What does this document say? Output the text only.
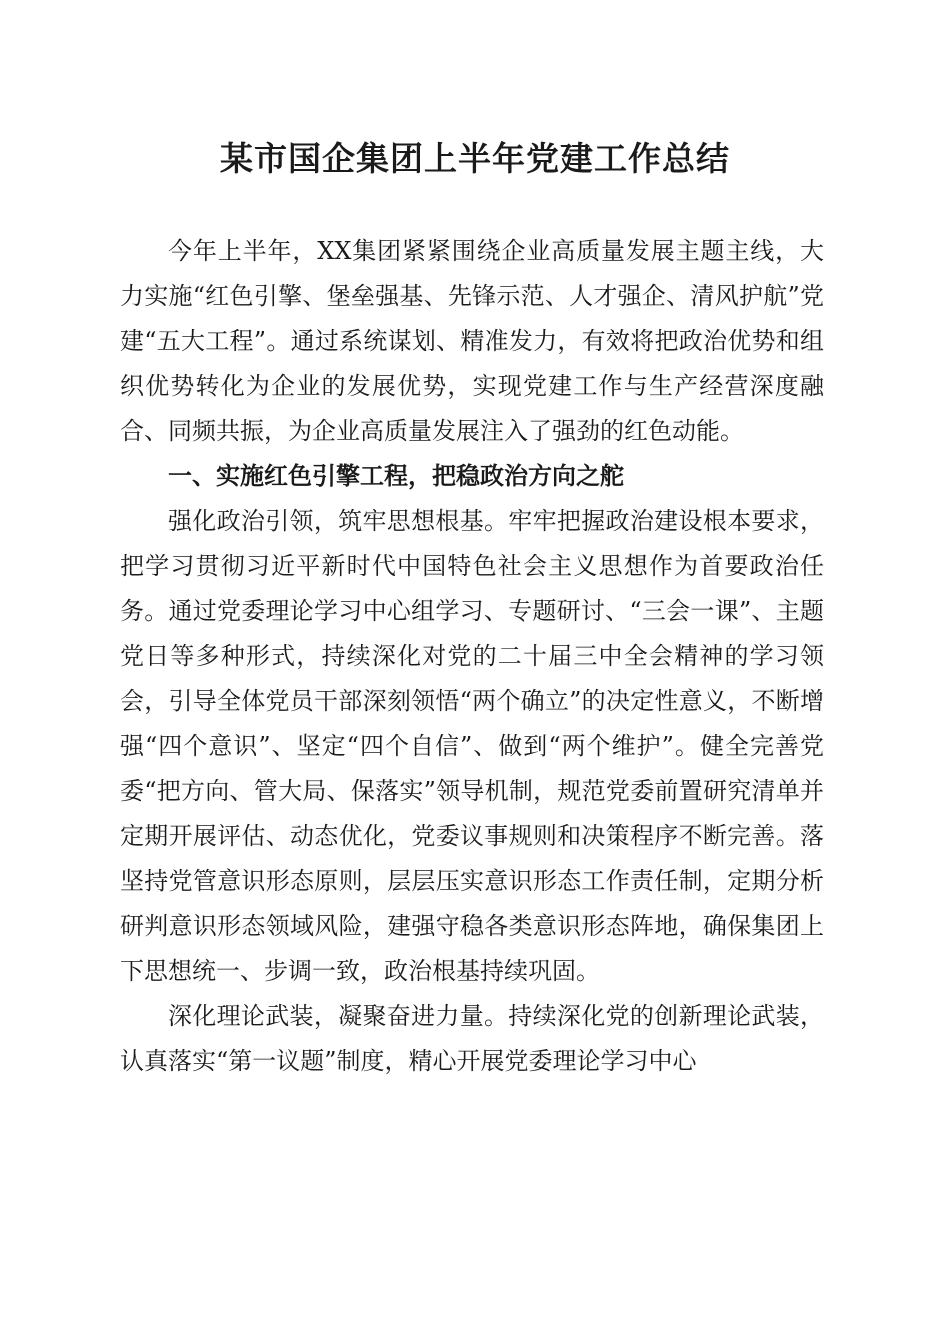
某市国企集团上半年党建工作总结

今年上半年，XX集团紧紧围绕企业高质量发展主题主线，大力实施“红色引擎、堡垒强基、先锋示范、人才强企、清风护航”党建“五大工程”。通过系统谋划、精准发力，有效将把政治优势和组织优势转化为企业的发展优势，实现党建工作与生产经营深度融合、同频共振，为企业高质量发展注入了强劲的红色动能。

一、实施红色引擎工程，把稳政治方向之舵

强化政治引领，筑牢思想根基。牢牢把握政治建设根本要求，把学习贯彻习近平新时代中国特色社会主义思想作为首要政治任务。通过党委理论学习中心组学习、专题研讨、“三会一课”、主题党日等多种形式，持续深化对党的二十届三中全会精神的学习领会，引导全体党员干部深刻领悟“两个确立”的决定性意义，不断增强“四个意识”、坚定“四个自信”、做到“两个维护”。健全完善党委“把方向、管大局、保落实”领导机制，规范党委前置研究清单并定期开展评估、动态优化，党委议事规则和决策程序不断完善。落坚持党管意识形态原则，层层压实意识形态工作责任制，定期分析研判意识形态领域风险，建强守稳各类意识形态阵地，确保集团上下思想统一、步调一致，政治根基持续巩固。

深化理论武装，凝聚奋进力量。持续深化党的创新理论武装，认真落实“第一议题”制度，精心开展党委理论学习中心
